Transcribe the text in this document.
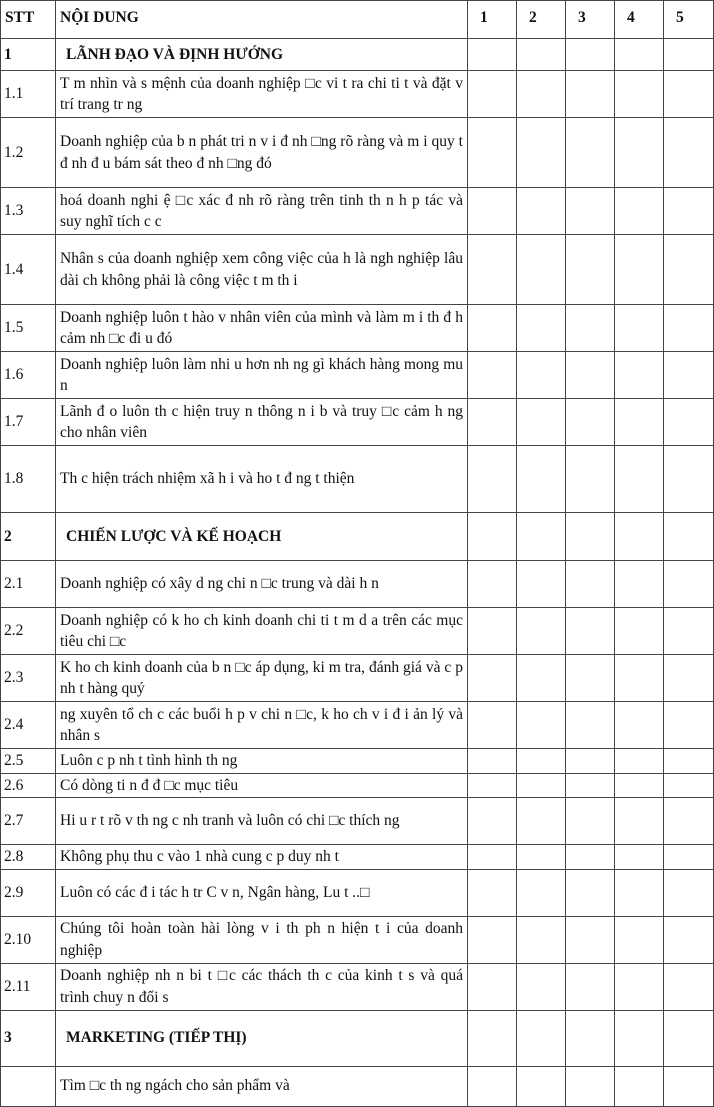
STT	NỘI DUNG	1	2	3	4	5
1	LÃNH ĐẠO VÀ ĐỊNH HƯỚNG					
1.1	T m nhìn và s mệnh của doanh nghiệp □c vi t ra chi ti t và đặt v trí trang tr ng					
1.2	Doanh nghiệp của b n phát tri n v i đ nh □ng rõ ràng và m i quy t đ nh đ u bám sát theo đ nh □ng đó					
1.3	hoá doanh nghi ệ □c xác đ nh rõ ràng trên tinh th n h p tác và suy nghĩ tích c c					
1.4	Nhân s của doanh nghiệp xem công việc của h là ngh nghiệp lâu dài ch không phải là công việc t m th i					
1.5	Doanh nghiệp luôn t hào v nhân viên của mình và làm m i th đ h cảm nh □c đi u đó					
1.6	Doanh nghiệp luôn làm nhi u hơn nh ng gì khách hàng mong mu n					
1.7	Lãnh đ o luôn th c hiện truy n thông n i b và truy □c cảm h ng cho nhân viên					
1.8	Th c hiện trách nhiệm xã h i và ho t đ ng t thiện					
2	CHIẾN LƯỢC VÀ KẾ HOẠCH					
2.1	Doanh nghiệp có xây d ng chi n □c trung và dài h n					
2.2	Doanh nghiệp có k ho ch kinh doanh chi ti t m d a trên các mục tiêu chi □c					
2.3	K ho ch kinh doanh của b n □c áp dụng, ki m tra, đánh giá và c p nh t hàng quý					
2.4	ng xuyên tổ ch c các buổi h p v chi n □c, k ho ch v i đ i ản lý và nhân s					
2.5	Luôn c p nh t tình hình th ng					
2.6	Có dòng ti n đ đ □c mục tiêu					
2.7	Hi u r t rõ v th ng c nh tranh và luôn có chi □c thích ng					
2.8	Không phụ thu c vào 1 nhà cung c p duy nh t					
2.9	Luôn có các đ i tác h tr C v n, Ngân hàng, Lu t ..□					
2.10	Chúng tôi hoàn toàn hài lòng v i th ph n hiện t i của doanh nghiệp					
2.11	Doanh nghiệp nh n bi t □c các thách th c của kinh t s và quá trình chuy n đổi s					
3	MARKETING (TIẾP THỊ)					
	Tìm □c th ng ngách cho sản phẩm và					
